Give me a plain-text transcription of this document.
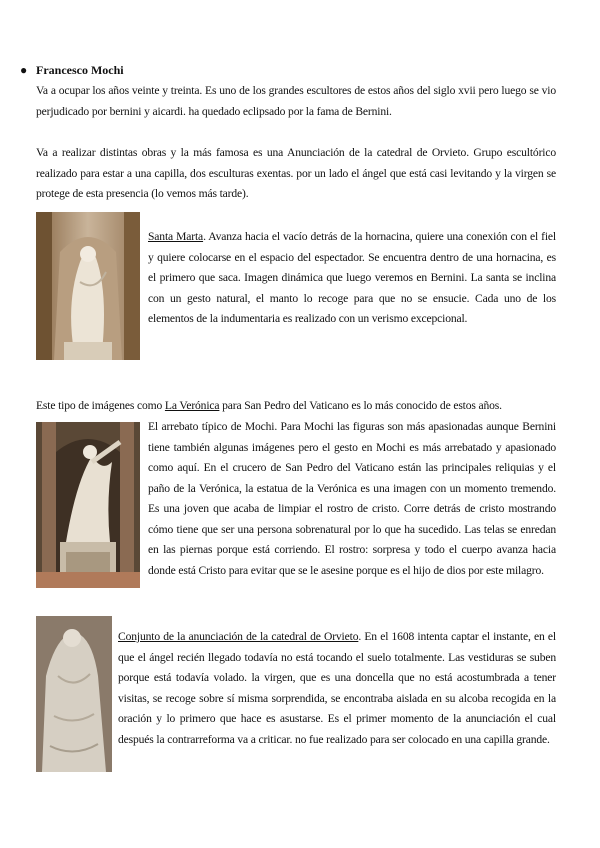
● Francesco Mochi

Va a ocupar los años veinte y treinta. Es uno de los grandes escultores de estos años del siglo xvii pero luego se vio perjudicado por bernini y aicardi. ha quedado eclipsado por la fama de Bernini.

Va a realizar distintas obras y la más famosa es una Anunciación de la catedral de Orvieto. Grupo escultórico realizado para estar a una capilla, dos esculturas exentas. por un lado el ángel que está casi levitando y la virgen se protege de esta presencia (lo vemos más tarde).

Santa Marta. Avanza hacia el vacío detrás de la hornacina, quiere una conexión con el fiel y quiere colocarse en el espacio del espectador. Se encuentra dentro de una hornacina, es el primero que saca. Imagen dinámica que luego veremos en Bernini. La santa se inclina con un gesto natural, el manto lo recoge para que no se ensucie. Cada uno de los elementos de la indumentaria es realizado con un verismo excepcional.

Este tipo de imágenes como La Verónica para San Pedro del Vaticano es lo más conocido de estos años.

El arrebato típico de Mochi. Para Mochi las figuras son más apasionadas aunque Bernini tiene también algunas imágenes pero el gesto en Mochi es más arrebatado y apasionado como aquí. En el crucero de San Pedro del Vaticano están las principales reliquias y el paño de la Verónica, la estatua de la Verónica es una imagen con un momento tremendo. Es una joven que acaba de limpiar el rostro de cristo. Corre detrás de cristo mostrando cómo tiene que ser una persona sobrenatural por lo que ha sucedido. Las telas se enredan en las piernas porque está corriendo. El rostro: sorpresa y todo el cuerpo avanza hacia donde está Cristo para evitar que se le asesine porque es el hijo de dios por este milagro.

Conjunto de la anunciación de la catedral de Orvieto. En el 1608 intenta captar el instante, en el que el ángel recién llegado todavía no está tocando el suelo totalmente. Las vestiduras se suben porque está todavía volado. la virgen, que es una doncella que no está acostumbrada a tener visitas, se recoge sobre sí misma sorprendida, se encontraba aislada en su alcoba recogida en la oración y lo primero que hace es asustarse. Es el primer momento de la anunciación el cual después la contrarreforma va a criticar. no fue realizado para ser colocado en una capilla grande.
